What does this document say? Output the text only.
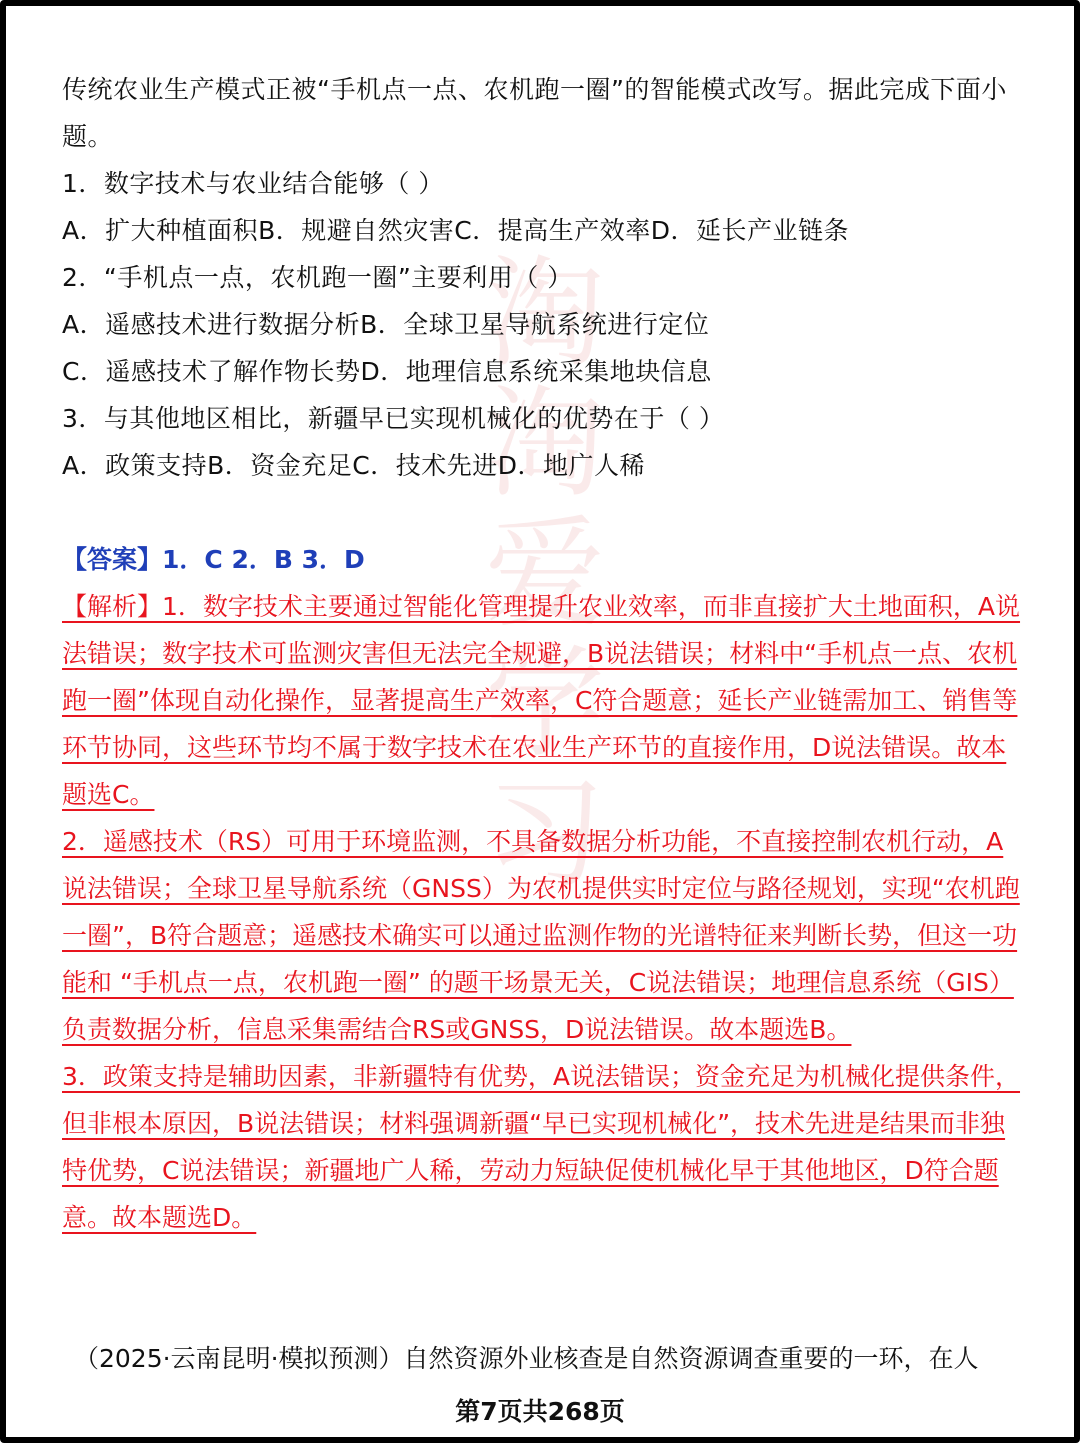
淘淘爱学习

传统农业生产模式正被“手机点一点、农机跑一圈”的智能模式改写。据此完成下面小题。

1．数字技术与农业结合能够（ ）

A．扩大种植面积B．规避自然灾害C．提高生产效率D．延长产业链条

2．“手机点一点，农机跑一圈”主要利用（ ）

A．遥感技术进行数据分析B．全球卫星导航系统进行定位

C．遥感技术了解作物长势D．地理信息系统采集地块信息

3．与其他地区相比，新疆早已实现机械化的优势在于（ ）

A．政策支持B．资金充足C．技术先进D．地广人稀

【答案】1．C 2．B 3．D

【解析】1．数字技术主要通过智能化管理提升农业效率，而非直接扩大土地面积，A说法错误；数字技术可监测灾害但无法完全规避，B说法错误；材料中“手机点一点、农机跑一圈”体现自动化操作，显著提高生产效率，C符合题意；延长产业链需加工、销售等环节协同，这些环节均不属于数字技术在农业生产环节的直接作用，D说法错误。故本题选C。

2．遥感技术（RS）可用于环境监测，不具备数据分析功能，不直接控制农机行动，A说法错误；全球卫星导航系统（GNSS）为农机提供实时定位与路径规划，实现“农机跑一圈”，B符合题意；遥感技术确实可以通过监测作物的光谱特征来判断长势，但这一功能和 “手机点一点，农机跑一圈” 的题干场景无关，C说法错误；地理信息系统（GIS）负责数据分析，信息采集需结合RS或GNSS，D说法错误。故本题选B。

3．政策支持是辅助因素，非新疆特有优势，A说法错误；资金充足为机械化提供条件，但非根本原因，B说法错误；材料强调新疆“早已实现机械化”，技术先进是结果而非独特优势，C说法错误；新疆地广人稀，劳动力短缺促使机械化早于其他地区，D符合题意。故本题选D。

（2025·云南昆明·模拟预测）自然资源外业核查是自然资源调查重要的一环，在人

第7页共268页
